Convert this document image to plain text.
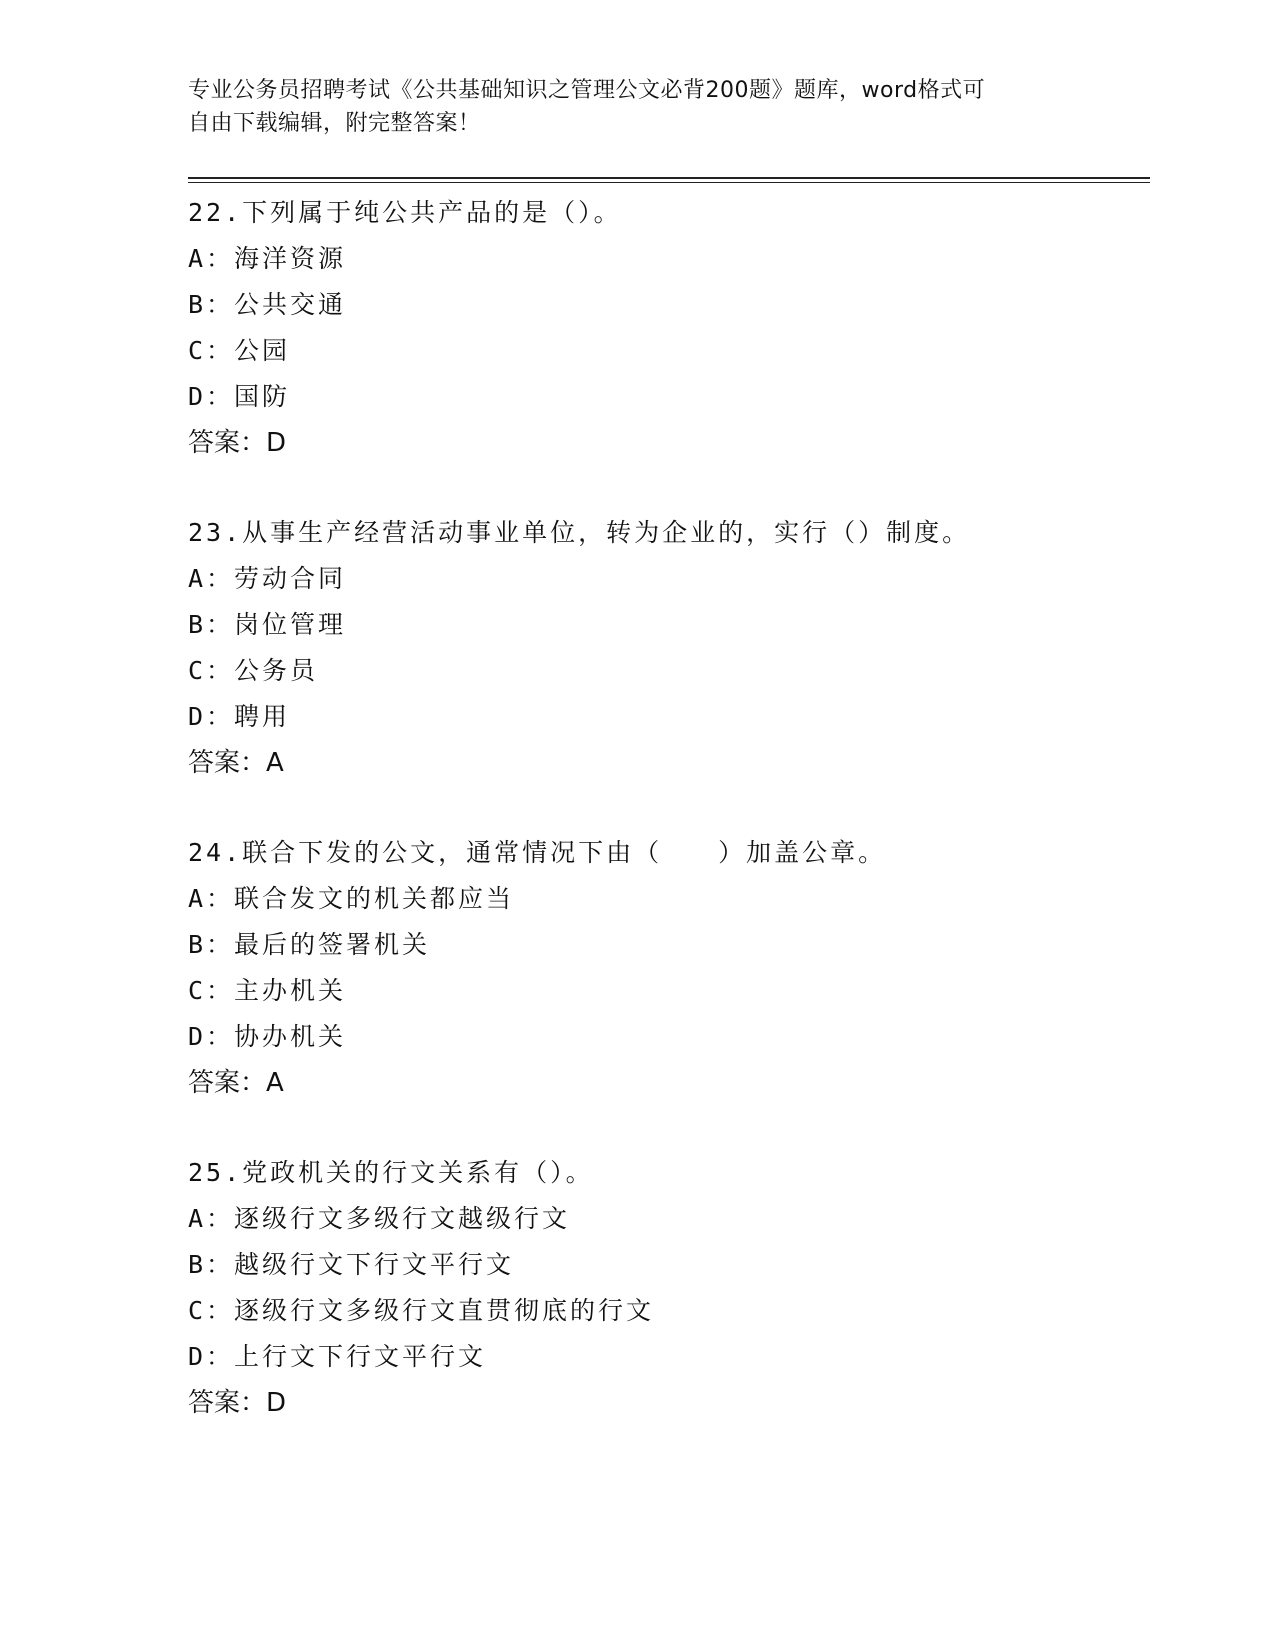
专业公务员招聘考试《公共基础知识之管理公文必背200题》题库，word格式可
自由下载编辑，附完整答案！
22.下列属于纯公共产品的是（）。
A：海洋资源
B：公共交通
C：公园
D：国防
答案：D
23.从事生产经营活动事业单位，转为企业的，实行（）制度。
A：劳动合同
B：岗位管理
C：公务员
D：聘用
答案：A
24.联合下发的公文，通常情况下由（　　）加盖公章。
A：联合发文的机关都应当
B：最后的签署机关
C：主办机关
D：协办机关
答案：A
25.党政机关的行文关系有（）。
A：逐级行文多级行文越级行文
B：越级行文下行文平行文
C：逐级行文多级行文直贯彻底的行文
D：上行文下行文平行文
答案：D
